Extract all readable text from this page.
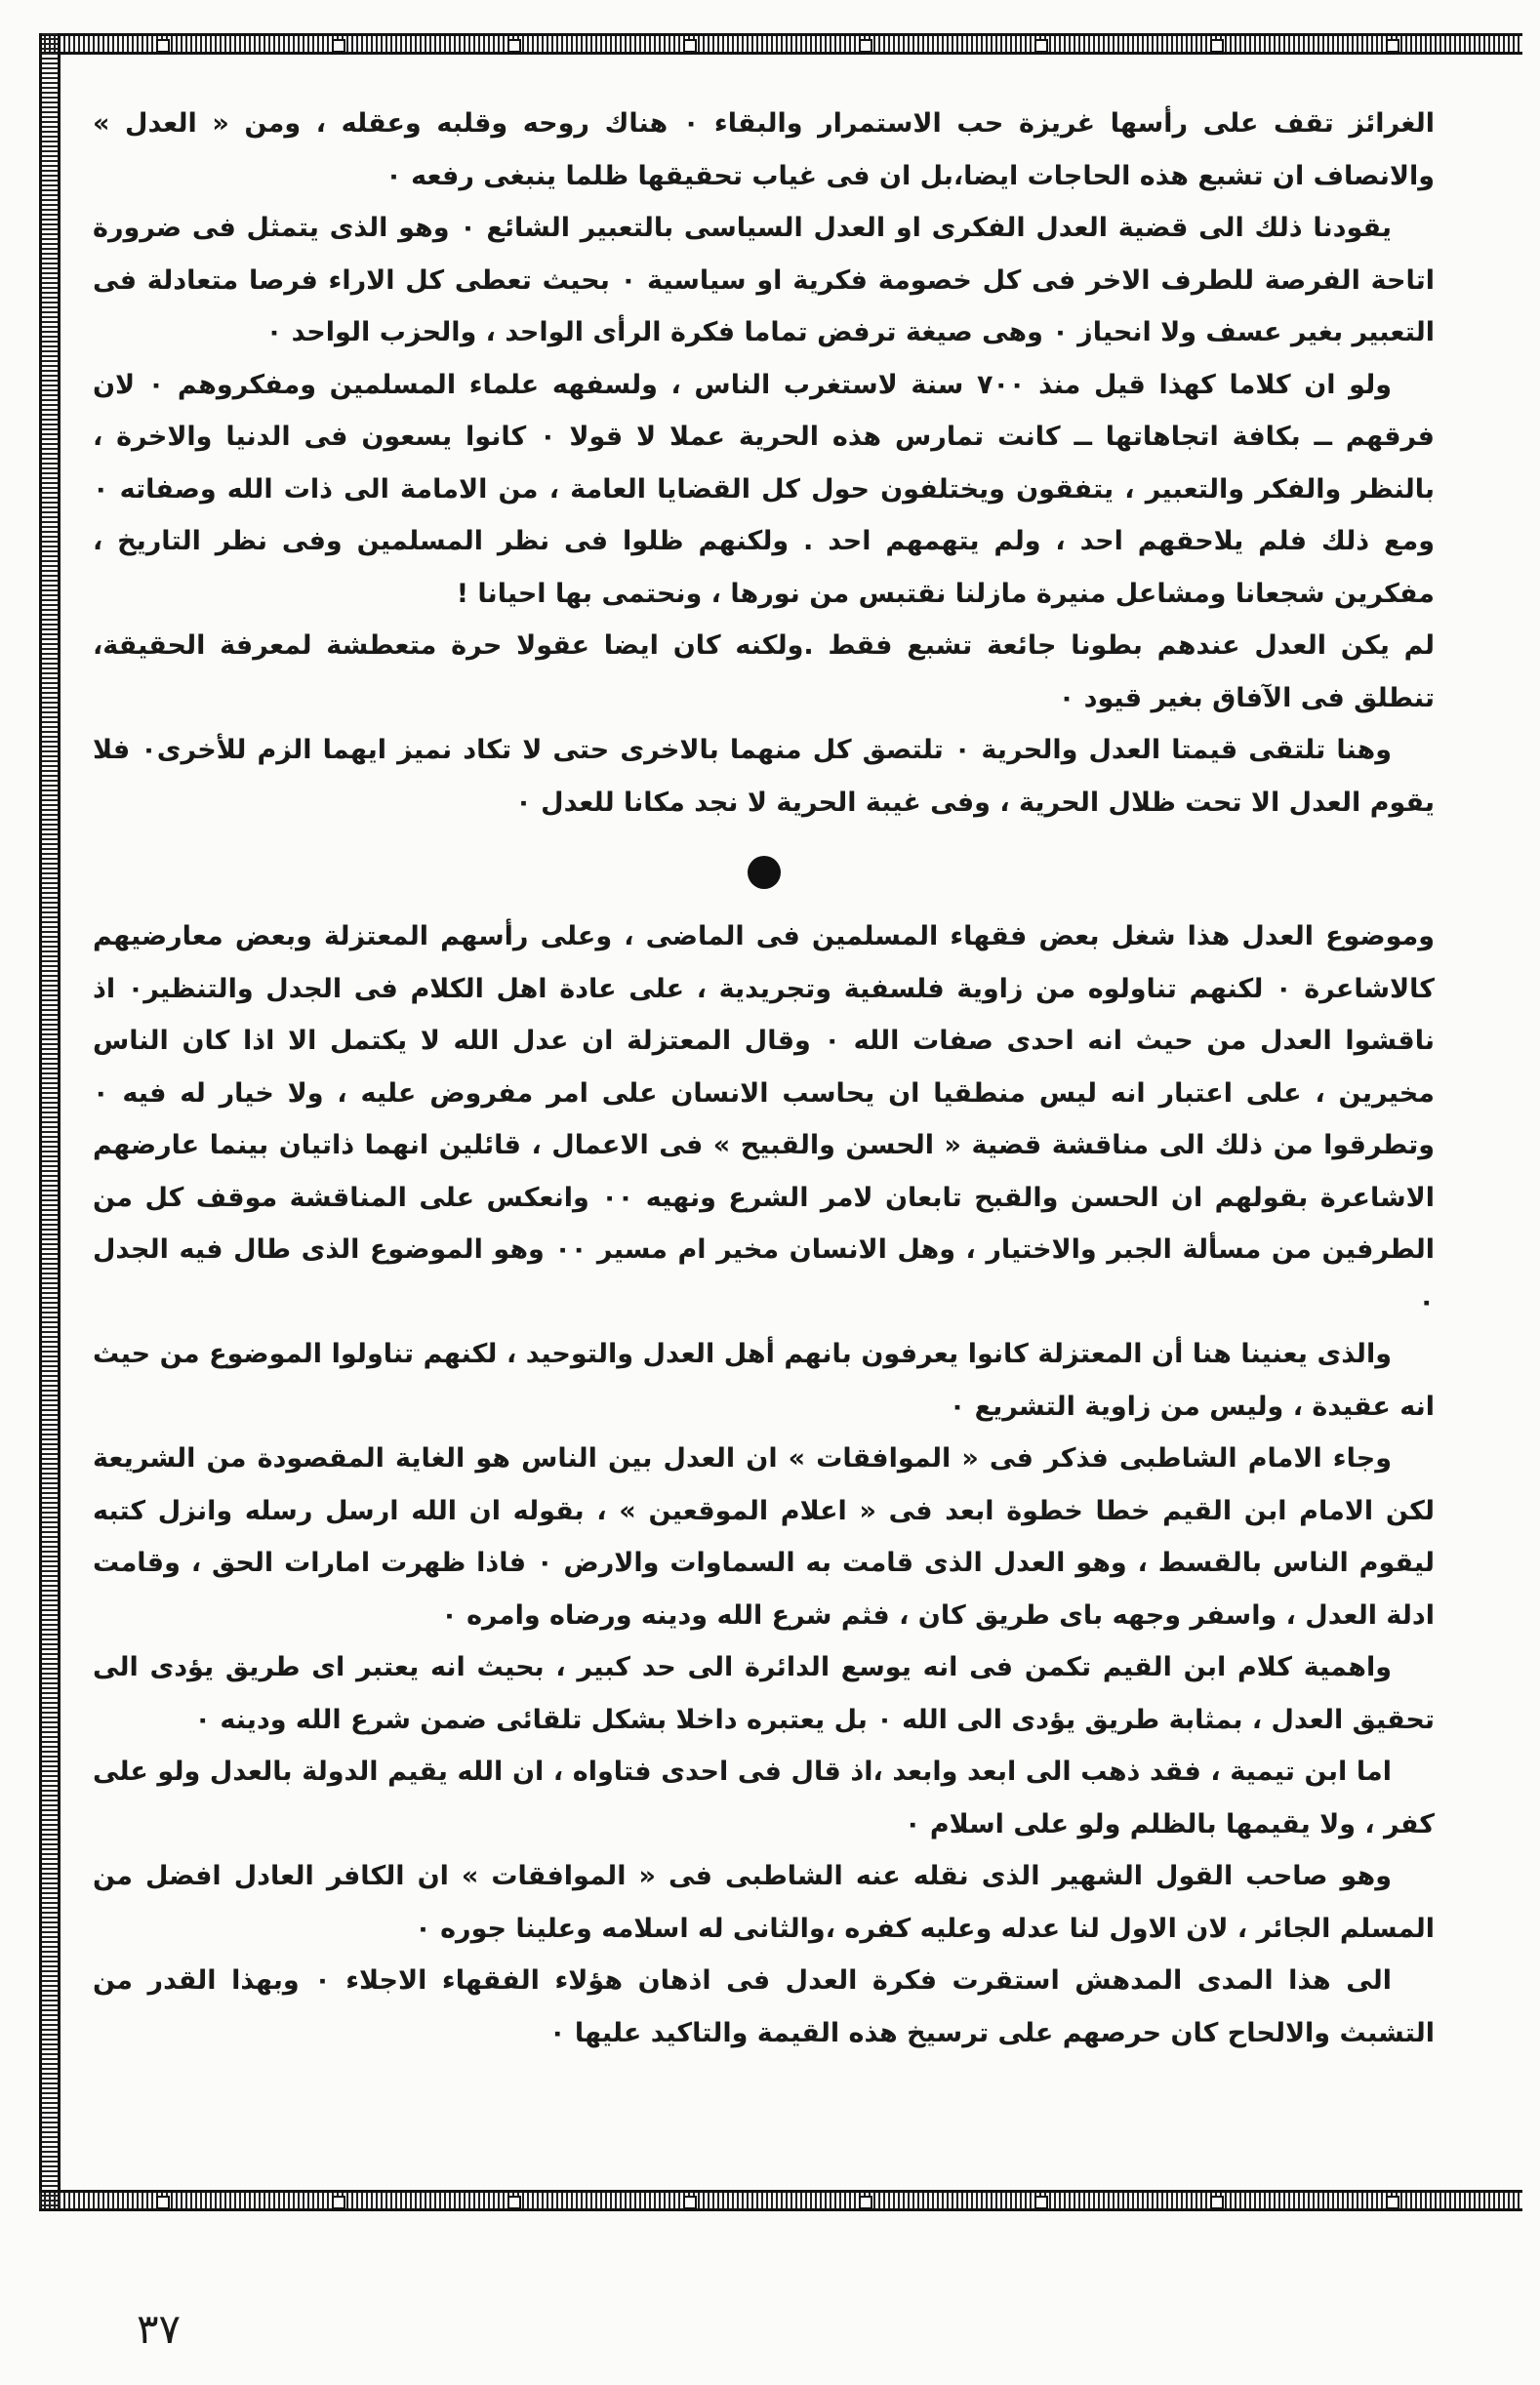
الغرائز تقف على رأسها غريزة حب الاستمرار والبقاء ٠ هناك روحه وقلبه وعقله ، ومن « العدل » والانصاف ان تشبع هذه الحاجات ايضا،بل ان فى غياب تحقيقها ظلما ينبغى رفعه ٠

يقودنا ذلك الى قضية العدل الفكرى او العدل السياسى بالتعبير الشائع ٠ وهو الذى يتمثل فى ضرورة اتاحة الفرصة للطرف الاخر فى كل خصومة فكرية او سياسية ٠ بحيث تعطى كل الاراء فرصا متعادلة فى التعبير بغير عسف ولا انحياز ٠ وهى صيغة ترفض تماما فكرة الرأى الواحد ، والحزب الواحد ٠

ولو ان كلاما كهذا قيل منذ ٧٠٠ سنة لاستغرب الناس ، ولسفهه علماء المسلمين ومفكروهم ٠ لان فرقهم ــ بكافة اتجاهاتها ــ كانت تمارس هذه الحرية عملا لا قولا ٠ كانوا يسعون فى الدنيا والاخرة ، بالنظر والفكر والتعبير ، يتفقون ويختلفون حول كل القضايا العامة ، من الامامة الى ذات الله وصفاته ٠ ومع ذلك فلم يلاحقهم احد ، ولم يتهمهم احد . ولكنهم ظلوا فى نظر المسلمين وفى نظر التاريخ ، مفكرين شجعانا ومشاعل منيرة مازلنا نقتبس من نورها ، ونحتمى بها احيانا !

لم يكن العدل عندهم بطونا جائعة تشبع فقط .ولكنه كان ايضا عقولا حرة متعطشة لمعرفة الحقيقة، تنطلق فى الآفاق بغير قيود ٠

وهنا تلتقى قيمتا العدل والحرية ٠ تلتصق كل منهما بالاخرى حتى لا تكاد نميز ايهما الزم للأخرى٠ فلا يقوم العدل الا تحت ظلال الحرية ، وفى غيبة الحرية لا نجد مكانا للعدل ٠

وموضوع العدل هذا شغل بعض فقهاء المسلمين فى الماضى ، وعلى رأسهم المعتزلة وبعض معارضيهم كالاشاعرة ٠ لكنهم تناولوه من زاوية فلسفية وتجريدية ، على عادة اهل الكلام فى الجدل والتنظير٠ اذ ناقشوا العدل من حيث انه احدى صفات الله ٠ وقال المعتزلة ان عدل الله لا يكتمل الا اذا كان الناس مخيرين ، على اعتبار انه ليس منطقيا ان يحاسب الانسان على امر مفروض عليه ، ولا خيار له فيه ٠ وتطرقوا من ذلك الى مناقشة قضية « الحسن والقبيح » فى الاعمال ، قائلين انهما ذاتيان بينما عارضهم الاشاعرة بقولهم ان الحسن والقبح تابعان لامر الشرع ونهيه ٠٠ وانعكس على المناقشة موقف كل من الطرفين من مسألة الجبر والاختيار ، وهل الانسان مخير ام مسير ٠٠ وهو الموضوع الذى طال فيه الجدل ٠

والذى يعنينا هنا أن المعتزلة كانوا يعرفون بانهم أهل العدل والتوحيد ، لكنهم تناولوا الموضوع من حيث انه عقيدة ، وليس من زاوية التشريع ٠

وجاء الامام الشاطبى فذكر فى « الموافقات » ان العدل بين الناس هو الغاية المقصودة من الشريعة لكن الامام ابن القيم خطا خطوة ابعد فى « اعلام الموقعين » ، بقوله ان الله ارسل رسله وانزل كتبه ليقوم الناس بالقسط ، وهو العدل الذى قامت به السماوات والارض ٠ فاذا ظهرت امارات الحق ، وقامت ادلة العدل ، واسفر وجهه باى طريق كان ، فثم شرع الله ودينه ورضاه وامره ٠

واهمية كلام ابن القيم تكمن فى انه يوسع الدائرة الى حد كبير ، بحيث انه يعتبر اى طريق يؤدى الى تحقيق العدل ، بمثابة طريق يؤدى الى الله ٠ بل يعتبره داخلا بشكل تلقائى ضمن شرع الله ودينه ٠

اما ابن تيمية ، فقد ذهب الى ابعد وابعد ،اذ قال فى احدى فتاواه ، ان الله يقيم الدولة بالعدل ولو على كفر ، ولا يقيمها بالظلم ولو على اسلام ٠

وهو صاحب القول الشهير الذى نقله عنه الشاطبى فى « الموافقات » ان الكافر العادل افضل من المسلم الجائر ، لان الاول لنا عدله وعليه كفره ،والثانى له اسلامه وعلينا جوره ٠

الى هذا المدى المدهش استقرت فكرة العدل فى اذهان هؤلاء الفقهاء الاجلاء ٠ وبهذا القدر من التشبث والالحاح كان حرصهم على ترسيخ هذه القيمة والتاكيد عليها ٠

٣٧
